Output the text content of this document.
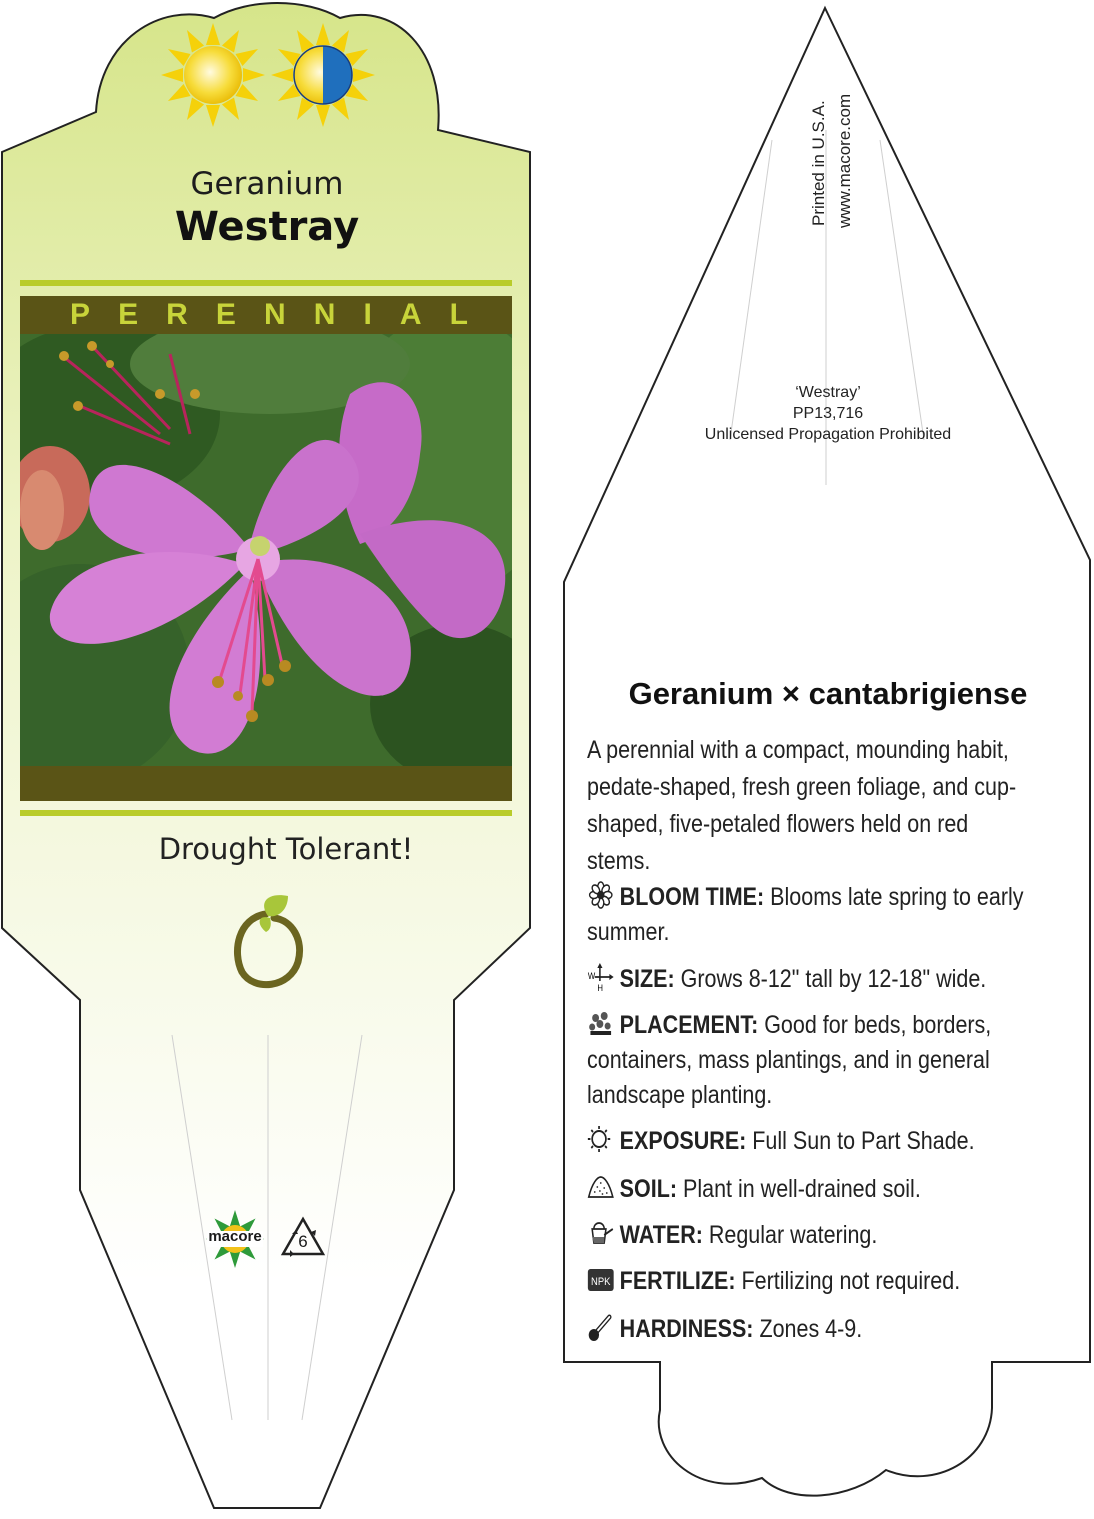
Geranium
Westray
P E R E N N I A L
Drought Tolerant!
macore	6
Printed in U.S.A. www.macore.com
‘Westray’
PP13,716
Unlicensed Propagation Prohibited
Geranium × cantabrigiense
A perennial with a compact, mounding habit, pedate-shaped, fresh green foliage, and cup-shaped, five-petaled flowers held on red stems.
BLOOM TIME: Blooms late spring to early summer.
W
H SIZE: Grows 8-12" tall by 12-18" wide.
PLACEMENT: Good for beds, borders, containers, mass plantings, and in general landscape planting.
EXPOSURE: Full Sun to Part Shade.
SOIL: Plant in well-drained soil.
WATER: Regular watering.
NPK FERTILIZE: Fertilizing not required.
HARDINESS: Zones 4-9.
